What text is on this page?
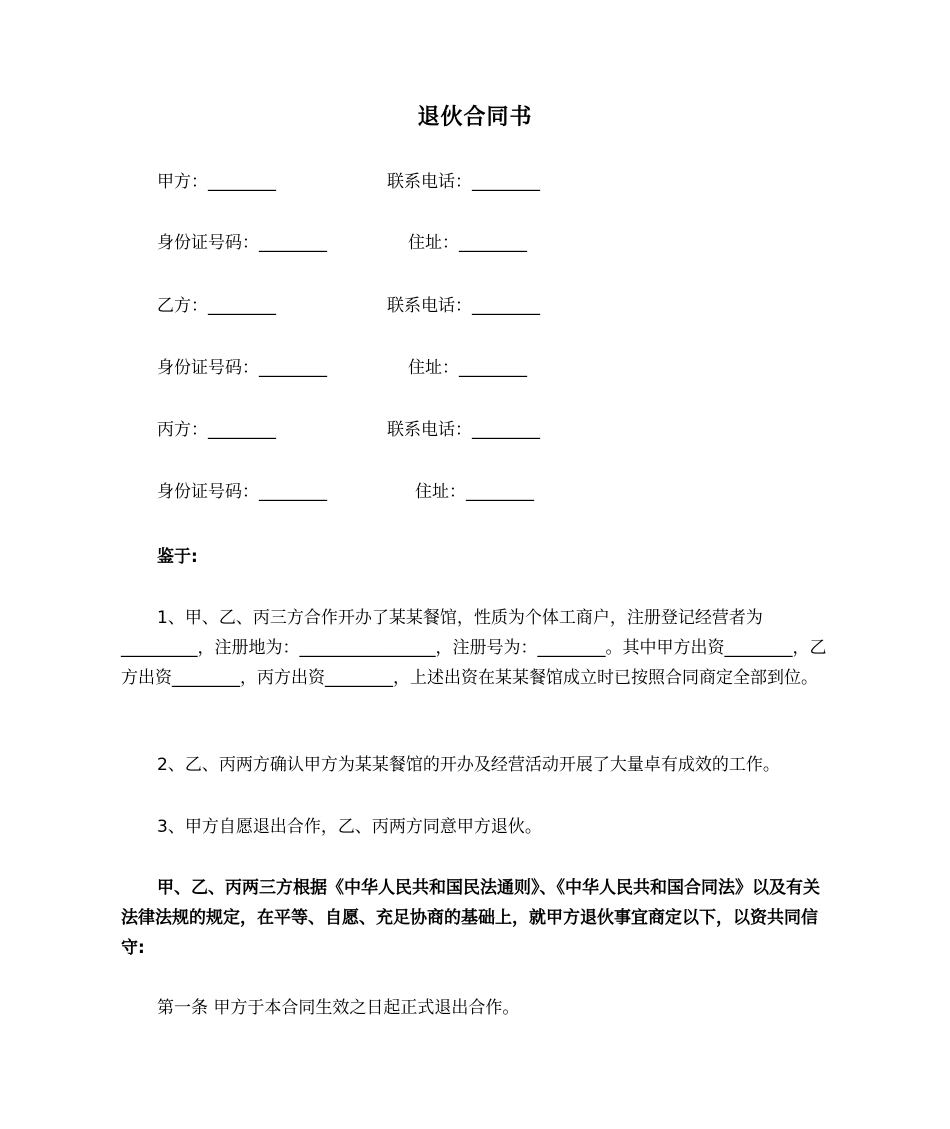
退伙合同书
甲方：________	联系电话：________
身份证号码：________	住址：________
乙方：________	联系电话：________
身份证号码：________	住址：________
丙方：________	联系电话：________
身份证号码：________	住址：________
鉴于:
1、甲、乙、丙三方合作开办了某某餐馆，性质为个体工商户，注册登记经营者为_________，注册地为：________________，注册号为：________。其中甲方出资________，乙方出资________，丙方出资________，上述出资在某某餐馆成立时已按照合同商定全部到位。
2、乙、丙两方确认甲方为某某餐馆的开办及经营活动开展了大量卓有成效的工作。
3、甲方自愿退出合作，乙、丙两方同意甲方退伙。
甲、乙、丙两三方根据《中华人民共和国民法通则》、《中华人民共和国合同法》以及有关法律法规的规定，在平等、自愿、充足协商的基础上，就甲方退伙事宜商定以下，以资共同信守:
第一条 甲方于本合同生效之日起正式退出合作。
